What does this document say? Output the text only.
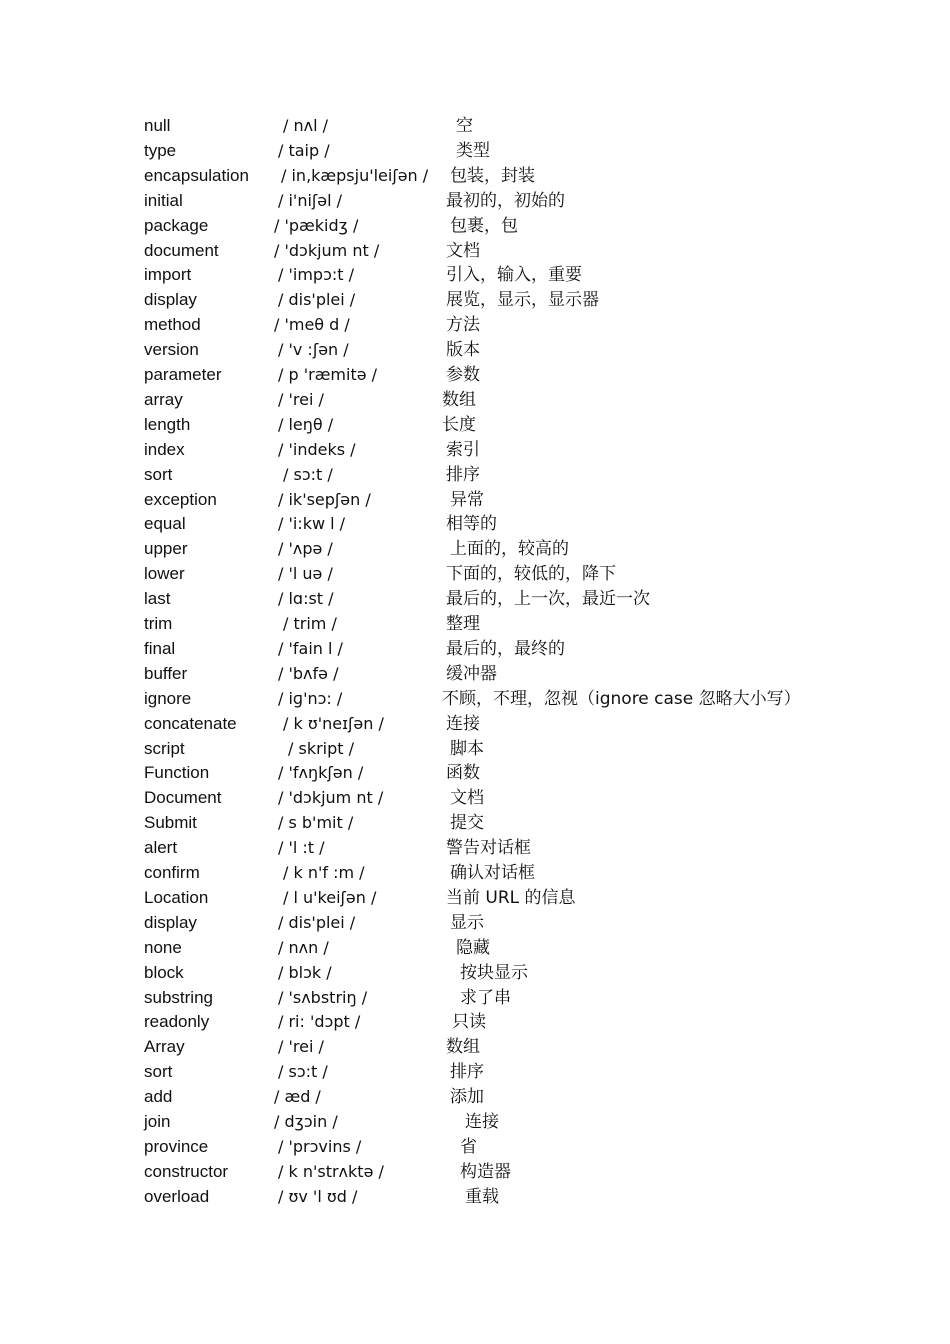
null	/ nʌl /	空
type	/ taip /	类型
encapsulation / in,kæpsju'leiʃən / 包装，封装
initial	/ i'niʃəl /	最初的，初始的
package	/ 'pækidʒ /	包裹，包
document	/ 'dɔkjum nt /	文档
import	/ 'impɔ:t /	引入，输入，重要
display	/ dis'plei /	展览，显示，显示器
method	/ 'meθ d /	方法
version	/ 'v :ʃən /	版本
parameter	/ p 'ræmitə /	参数
array	/ 'rei /	数组
length	/ leŋθ /	长度
index	/ 'indeks /	索引
sort	/ sɔ:t /	排序
exception	/ ik'sepʃən /	异常
equal	/ 'i:kw l /	相等的
upper	/ 'ʌpə /	上面的，较高的
lower	/ 'l uə /	下面的，较低的，降下
last	/ lɑ:st /	最后的，上一次，最近一次
trim	/ trim /	整理
final	/ 'fain l /	最后的，最终的
buffer	/ 'bʌfə /	缓冲器
ignore	/ iɡ'nɔ: /	不顾，不理，忽视（ignore case 忽略大小写）
concatenate	/ k ʊ'neɪʃən /	连接
script	/ skript /	脚本
Function	/ 'fʌŋkʃən /	函数
Document	/ 'dɔkjum nt /	文档
Submit	/ s b'mit /	提交
alert	/ 'l :t /	警告对话框
confirm	/ k n'f :m /	确认对话框
Location	/ l u'keiʃən /	当前 URL 的信息
display	/ dis'plei /	显示
none	/ nʌn /	隐藏
block	/ blɔk /	按块显示
substring	/ 'sʌbstriŋ /	求了串
readonly	/ ri: 'dɔpt /	只读
Array	/ 'rei /	数组
sort	/ sɔ:t /	排序
add	/ æd /	添加
join	/ dʒɔin /	连接
province	/ 'prɔvins /	省
constructor	/ k n'strʌktə /	构造器
overload	/ ʊv 'l ʊd /	重载
